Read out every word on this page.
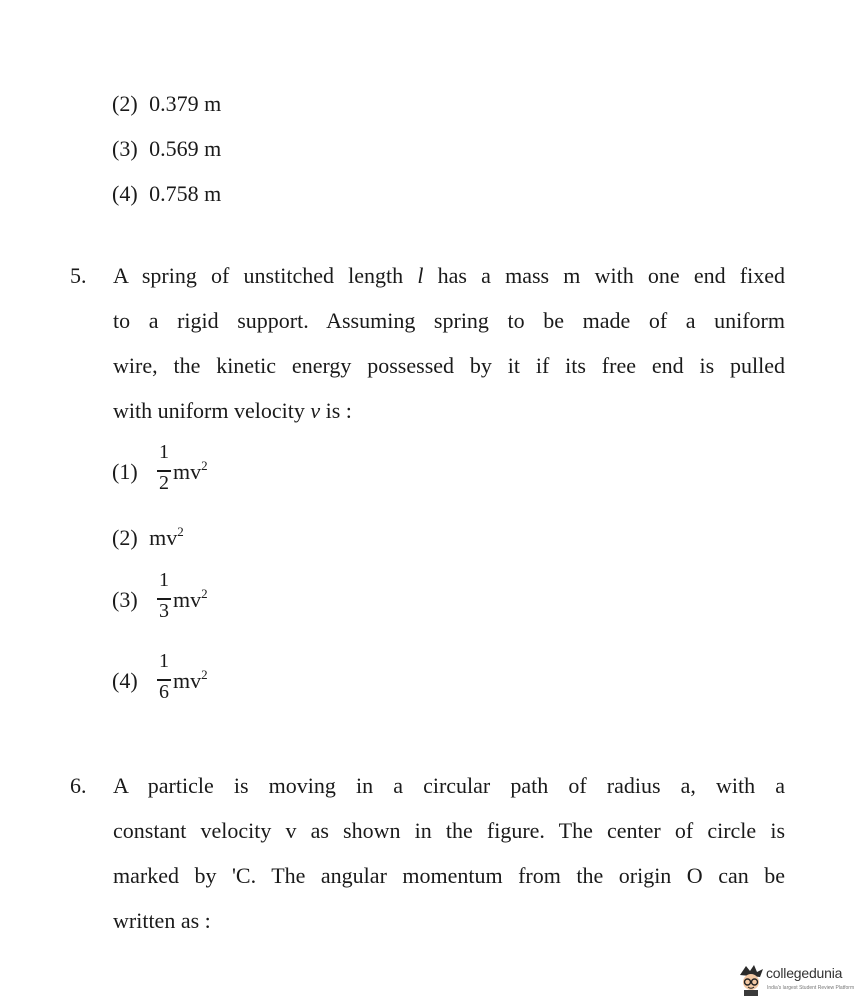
(2) 0.379 m
(3) 0.569 m
(4) 0.758 m
5. A spring of unstitched length l has a mass m with one end fixed
to a rigid support. Assuming spring to be made of a uniform
wire, the kinetic energy possessed by it if its free end is pulled
with uniform velocity v is :
(1)
1
2 $mv^2$
(2) $mv^2$
(3)
1
3 $mv^2$
(4)
1
6 $mv^2$
6. A particle is moving in a circular path of radius a, with a
constant velocity v as shown in the figure. The center of circle is
marked by 'C. The angular momentum from the origin O can be
written as :
collegedunia
India's largest Student Review Platform
